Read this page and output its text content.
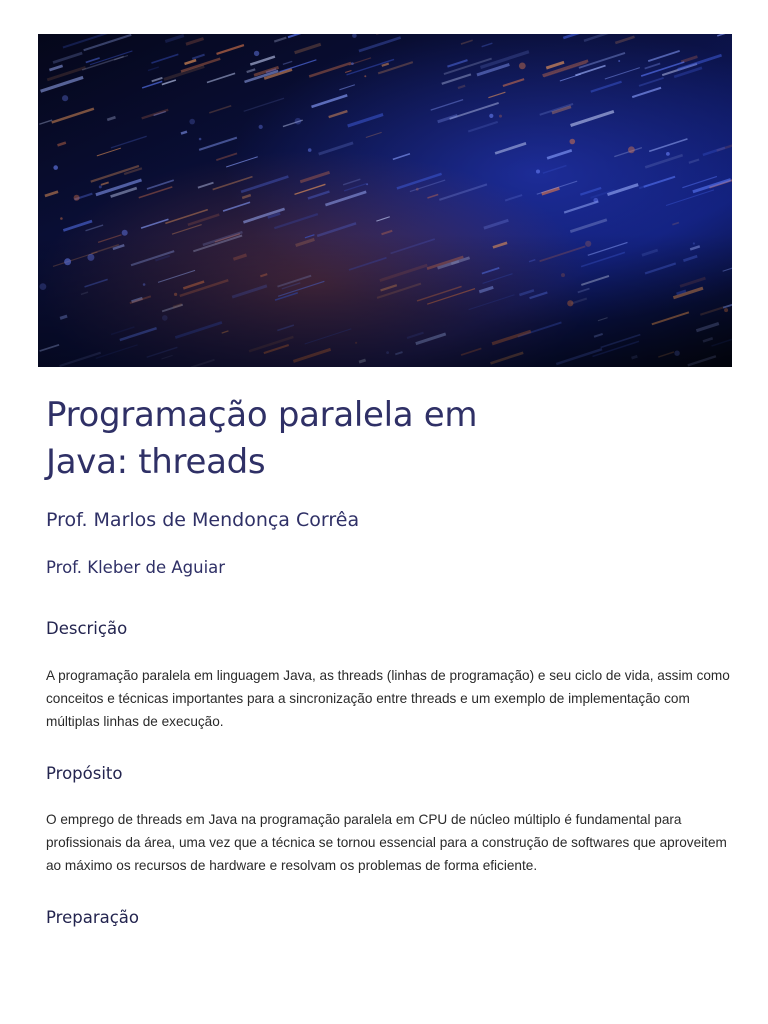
Programação paralela em Java: threads

Prof. Marlos de Mendonça Corrêa

Prof. Kleber de Aguiar

Descrição

A programação paralela em linguagem Java, as threads (linhas de programação) e seu ciclo de vida, assim como conceitos e técnicas importantes para a sincronização entre threads e um exemplo de implementação com múltiplas linhas de execução.

Propósito

O emprego de threads em Java na programação paralela em CPU de núcleo múltiplo é fundamental para profissionais da área, uma vez que a técnica se tornou essencial para a construção de softwares que aproveitem ao máximo os recursos de hardware e resolvam os problemas de forma eficiente.

Preparação
